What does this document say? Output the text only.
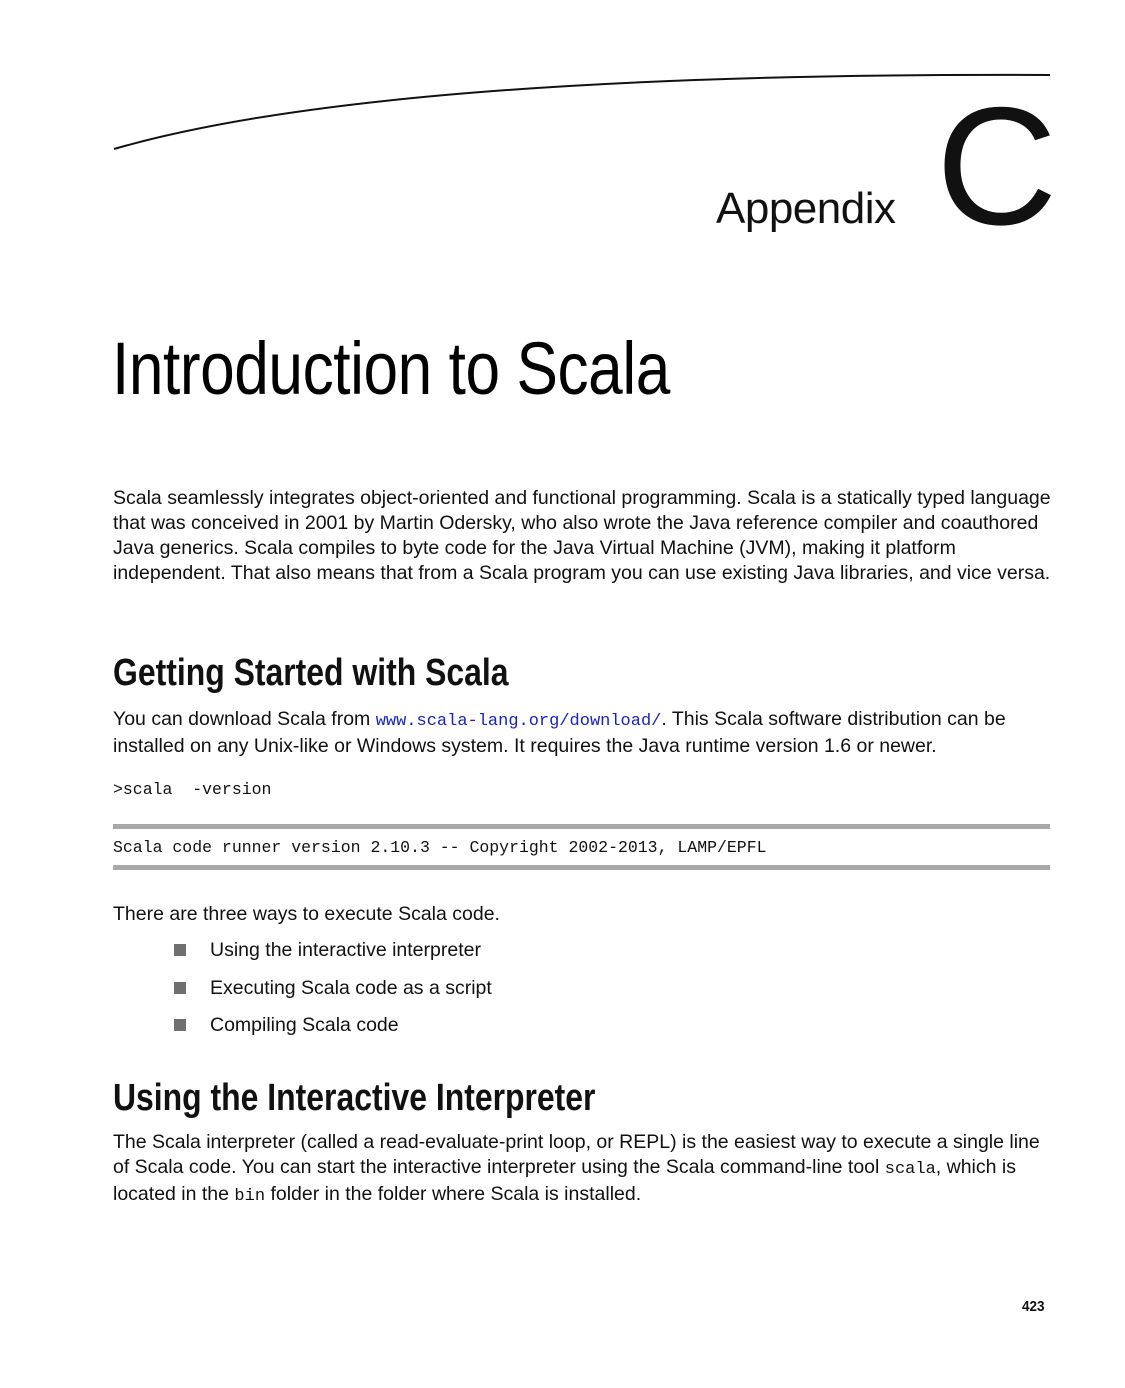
Appendix C
Introduction to Scala

Scala seamlessly integrates object-oriented and functional programming. Scala is a statically typed language that was conceived in 2001 by Martin Odersky, who also wrote the Java reference compiler and coauthored Java generics. Scala compiles to byte code for the Java Virtual Machine (JVM), making it platform independent. That also means that from a Scala program you can use existing Java libraries, and vice versa.

Getting Started with Scala

You can download Scala from www.scala-lang.org/download/. This Scala software distribution can be installed on any Unix-like or Windows system. It requires the Java runtime version 1.6 or newer.

>scala  -version
Scala code runner version 2.10.3 -- Copyright 2002-2013, LAMP/EPFL

There are three ways to execute Scala code.

Using the interactive interpreter
Executing Scala code as a script
Compiling Scala code
Using the Interactive Interpreter

The Scala interpreter (called a read-evaluate-print loop, or REPL) is the easiest way to execute a single line of Scala code. You can start the interactive interpreter using the Scala command-line tool scala, which is located in the bin folder in the folder where Scala is installed.

423
